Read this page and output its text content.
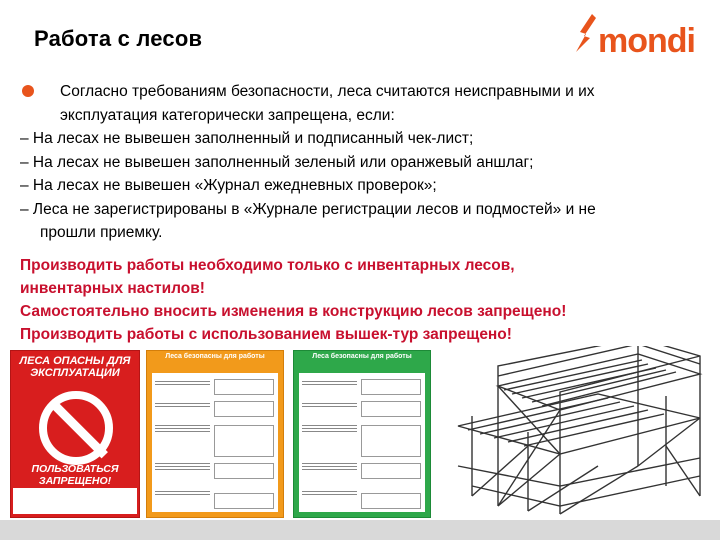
Работа с лесов	mondi
Согласно требованиям безопасности, леса считаются неисправными и их
эксплуатация категорически запрещена, если:
– На лесах не вывешен заполненный и подписанный чек-лист;
– На лесах не вывешен заполненный зеленый или оранжевый аншлаг;
– На лесах не вывешен «Журнал ежедневных проверок»;
– Леса не зарегистрированы в «Журнале регистрации лесов и подмостей» и не
прошли приемку.
Производить работы необходимо только с инвентарных лесов,
инвентарных настилов!
Самостоятельно вносить изменения в конструкцию лесов запрещено!
Производить работы с использованием вышек-тур запрещено!
ЛЕСА ОПАСНЫ ДЛЯ ЭКСПЛУАТАЦИИ
ПОЛЬЗОВАТЬСЯ ЗАПРЕЩЕНО!
Леса безопасны для работы	Леса безопасны для работы
